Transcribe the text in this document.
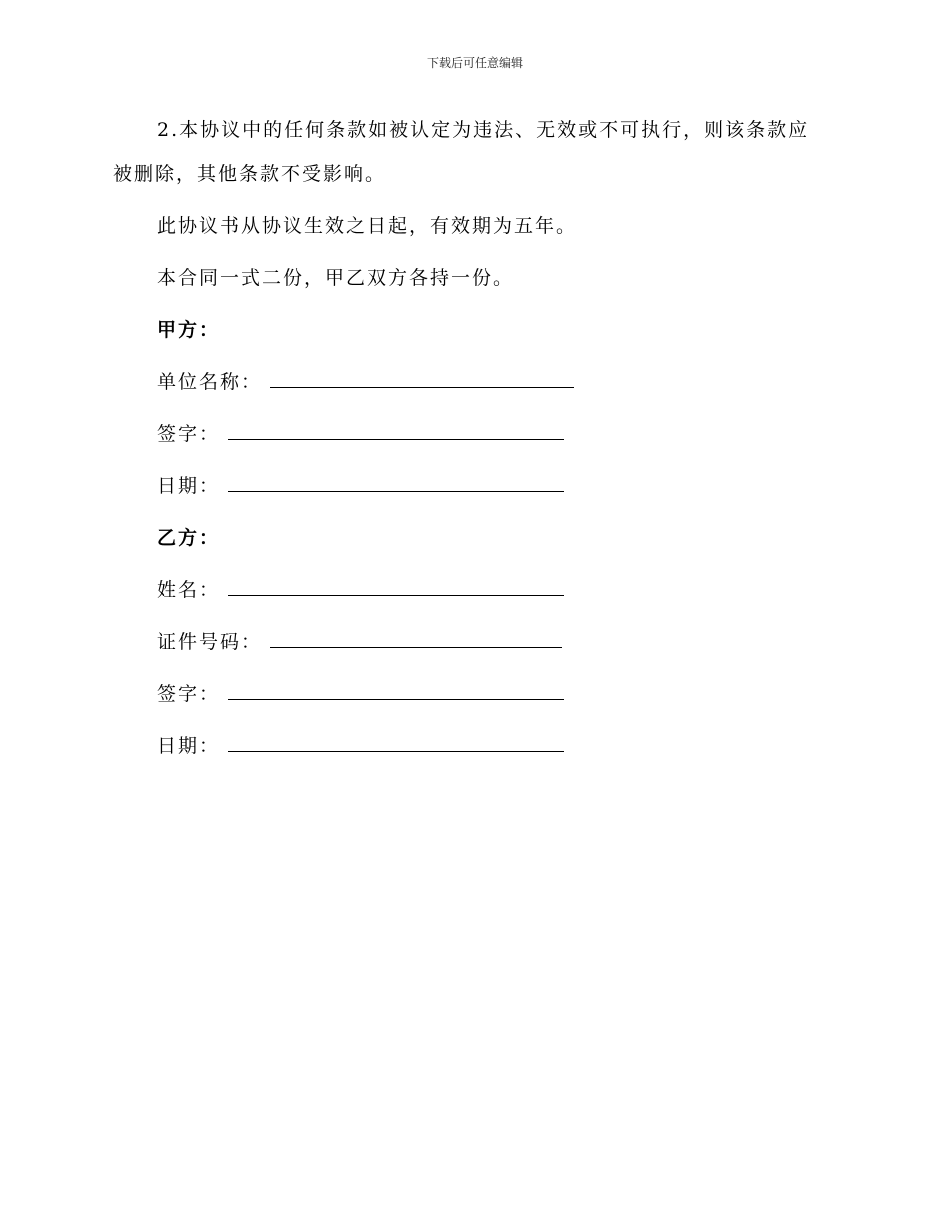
下载后可任意编辑

2.本协议中的任何条款如被认定为违法、无效或不可执行，则该条款应被删除，其他条款不受影响。

此协议书从协议生效之日起，有效期为五年。

本合同一式二份，甲乙双方各持一份。

甲方：
单位名称：
签字：
日期：
乙方：
姓名：
证件号码：
签字：
日期：
